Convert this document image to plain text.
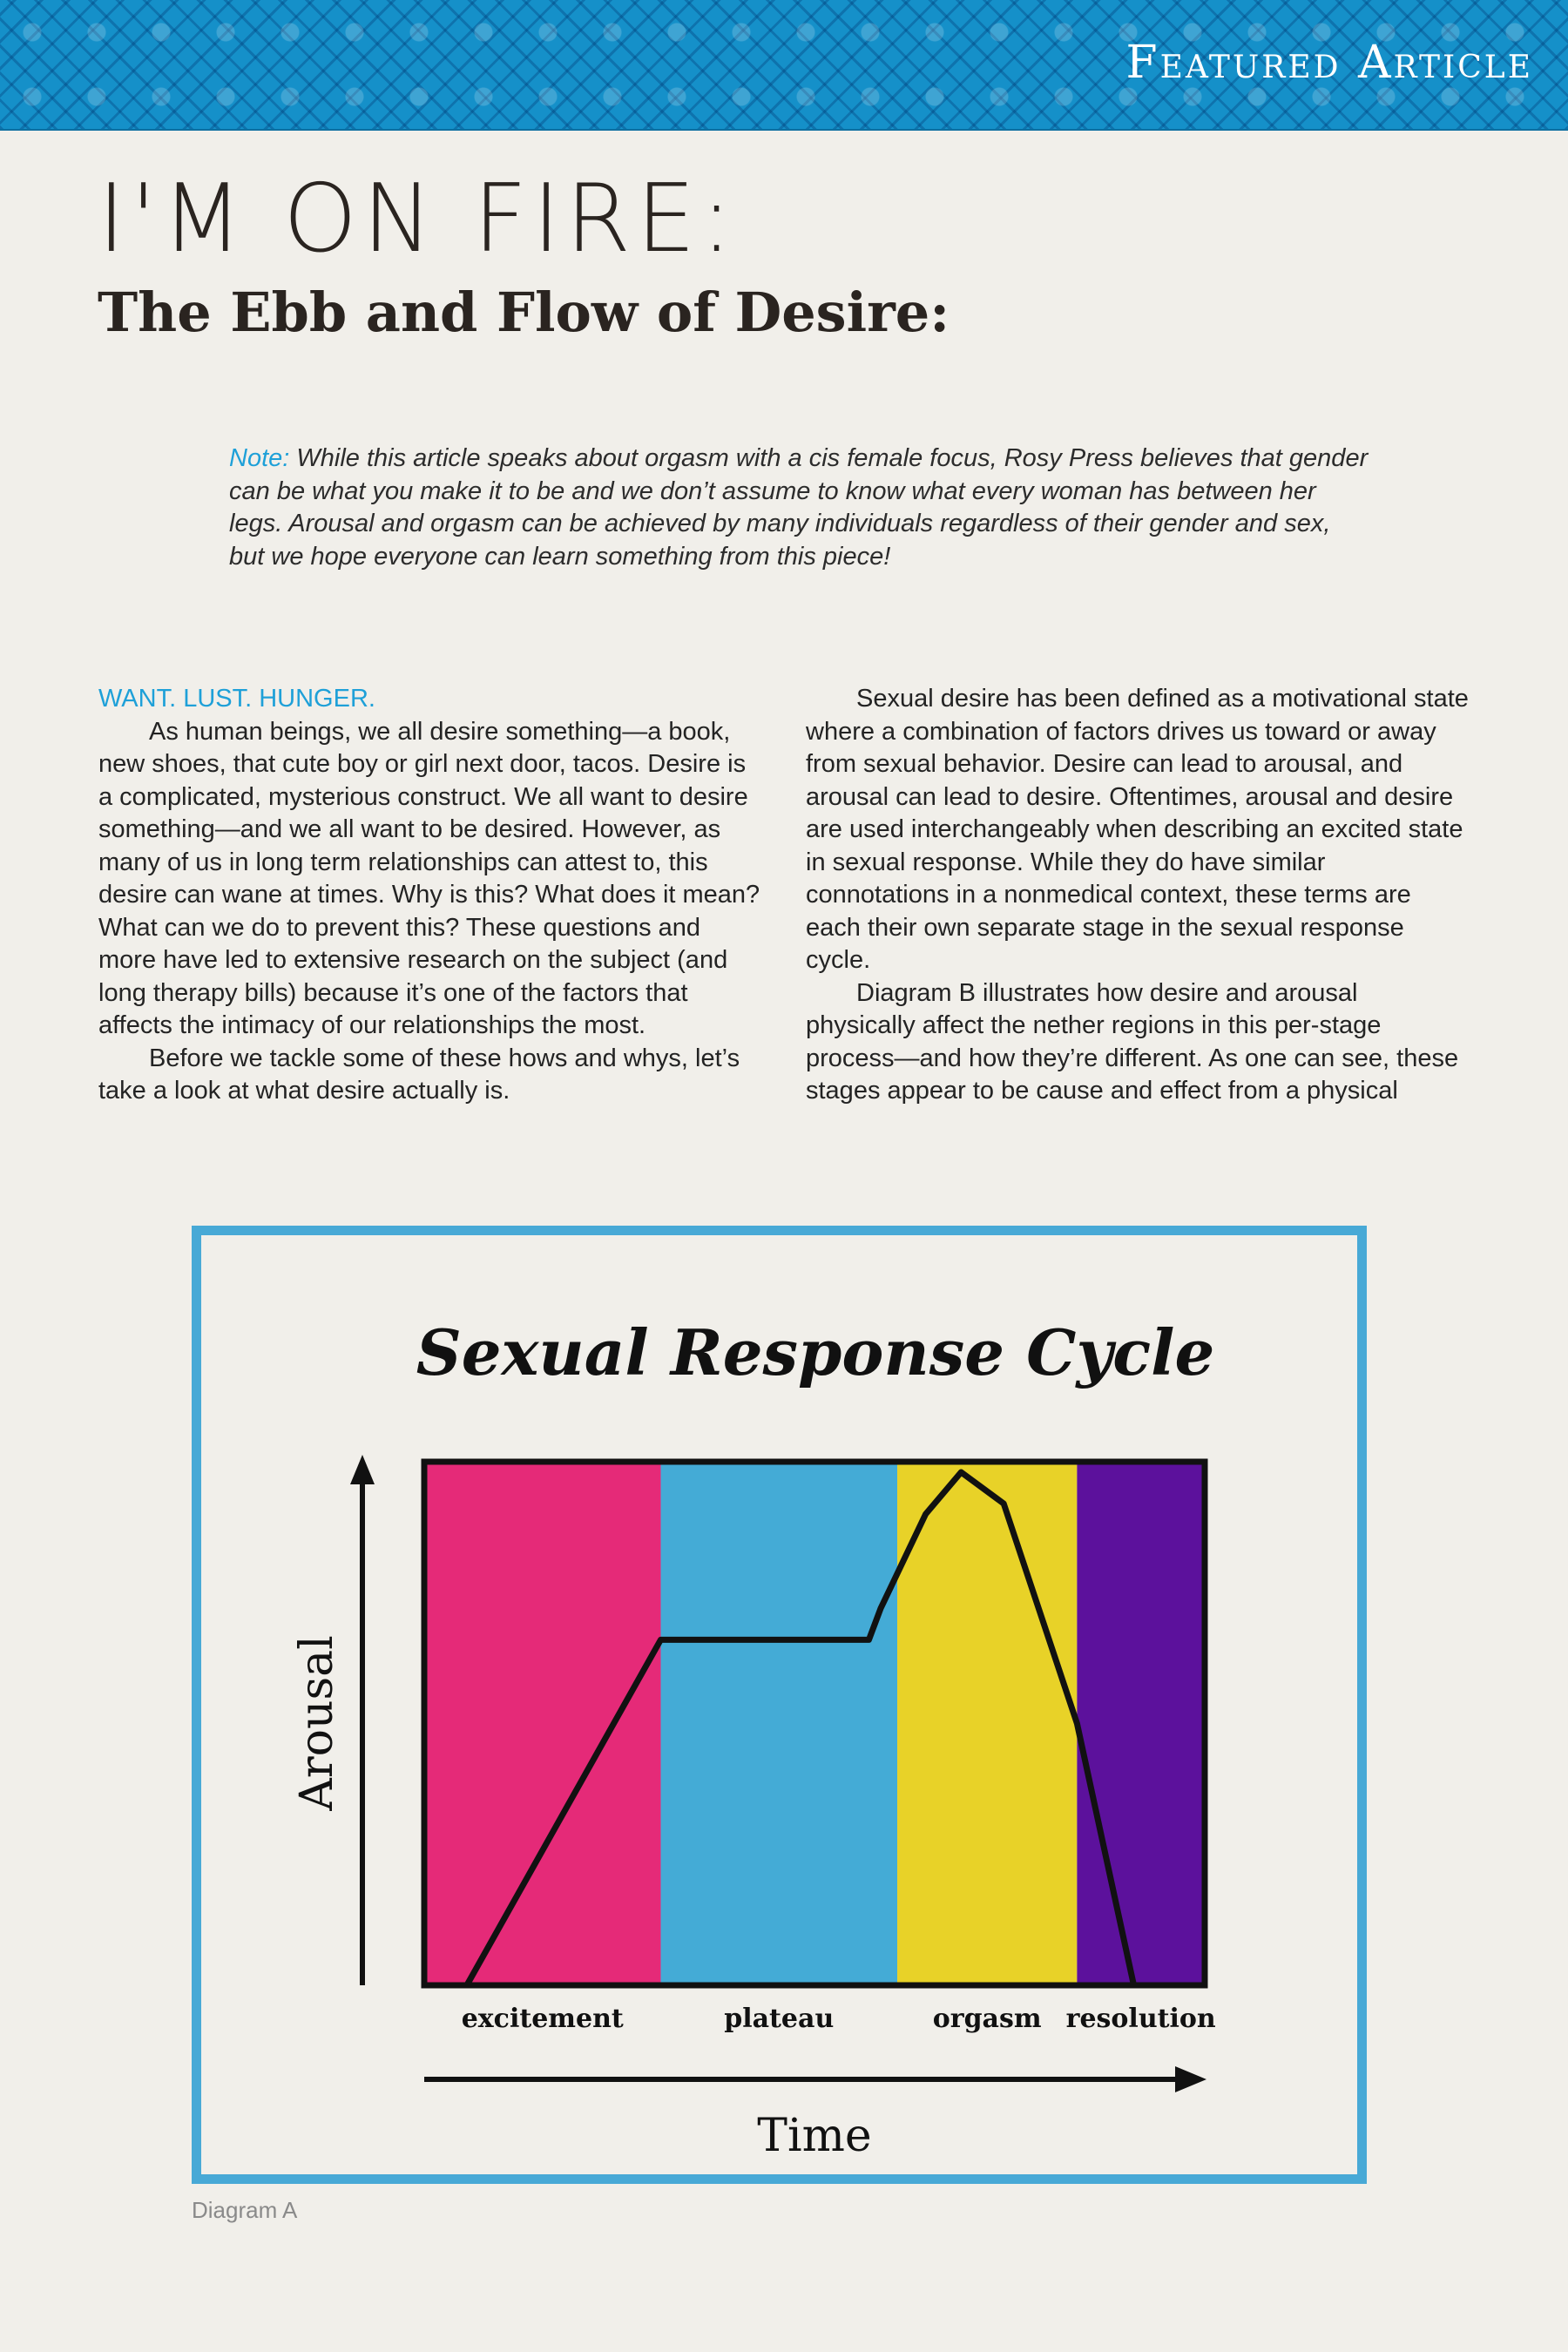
Featured Article
I'M ON FIRE:
The Ebb and Flow of Desire:

Note: While this article speaks about orgasm with a cis female focus, Rosy Press believes that gender can be what you make it to be and we don’t assume to know what every woman has between her legs. Arousal and orgasm can be achieved by many individuals regardless of their gender and sex, but we hope everyone can learn something from this piece!

WANT. LUST. HUNGER.

As human beings, we all desire something—a book, new shoes, that cute boy or girl next door, tacos. Desire is a complicated, mysterious construct. We all want to desire something—and we all want to be desired. However, as many of us in long term relationships can attest to, this desire can wane at times. Why is this? What does it mean? What can we do to prevent this? These questions and more have led to extensive research on the subject (and long therapy bills) because it’s one of the factors that affects the intimacy of our relationships the most.

Before we tackle some of these hows and whys, let’s take a look at what desire actually is.

Sexual desire has been defined as a motivational state where a combination of factors drives us toward or away from sexual behavior. Desire can lead to arousal, and arousal can lead to desire. Oftentimes, arousal and desire are used interchangeably when describing an excited state in sexual response. While they do have similar connotations in a nonmedical context, these terms are each their own separate stage in the sexual response cycle.

Diagram B illustrates how desire and arousal physically affect the nether regions in this per-stage process—and how they’re different. As one can see, these stages appear to be cause and effect from a physical

Sexual Response Cycle
excitement	plateau	orgasm resolution
Arousal
Time
Diagram A
